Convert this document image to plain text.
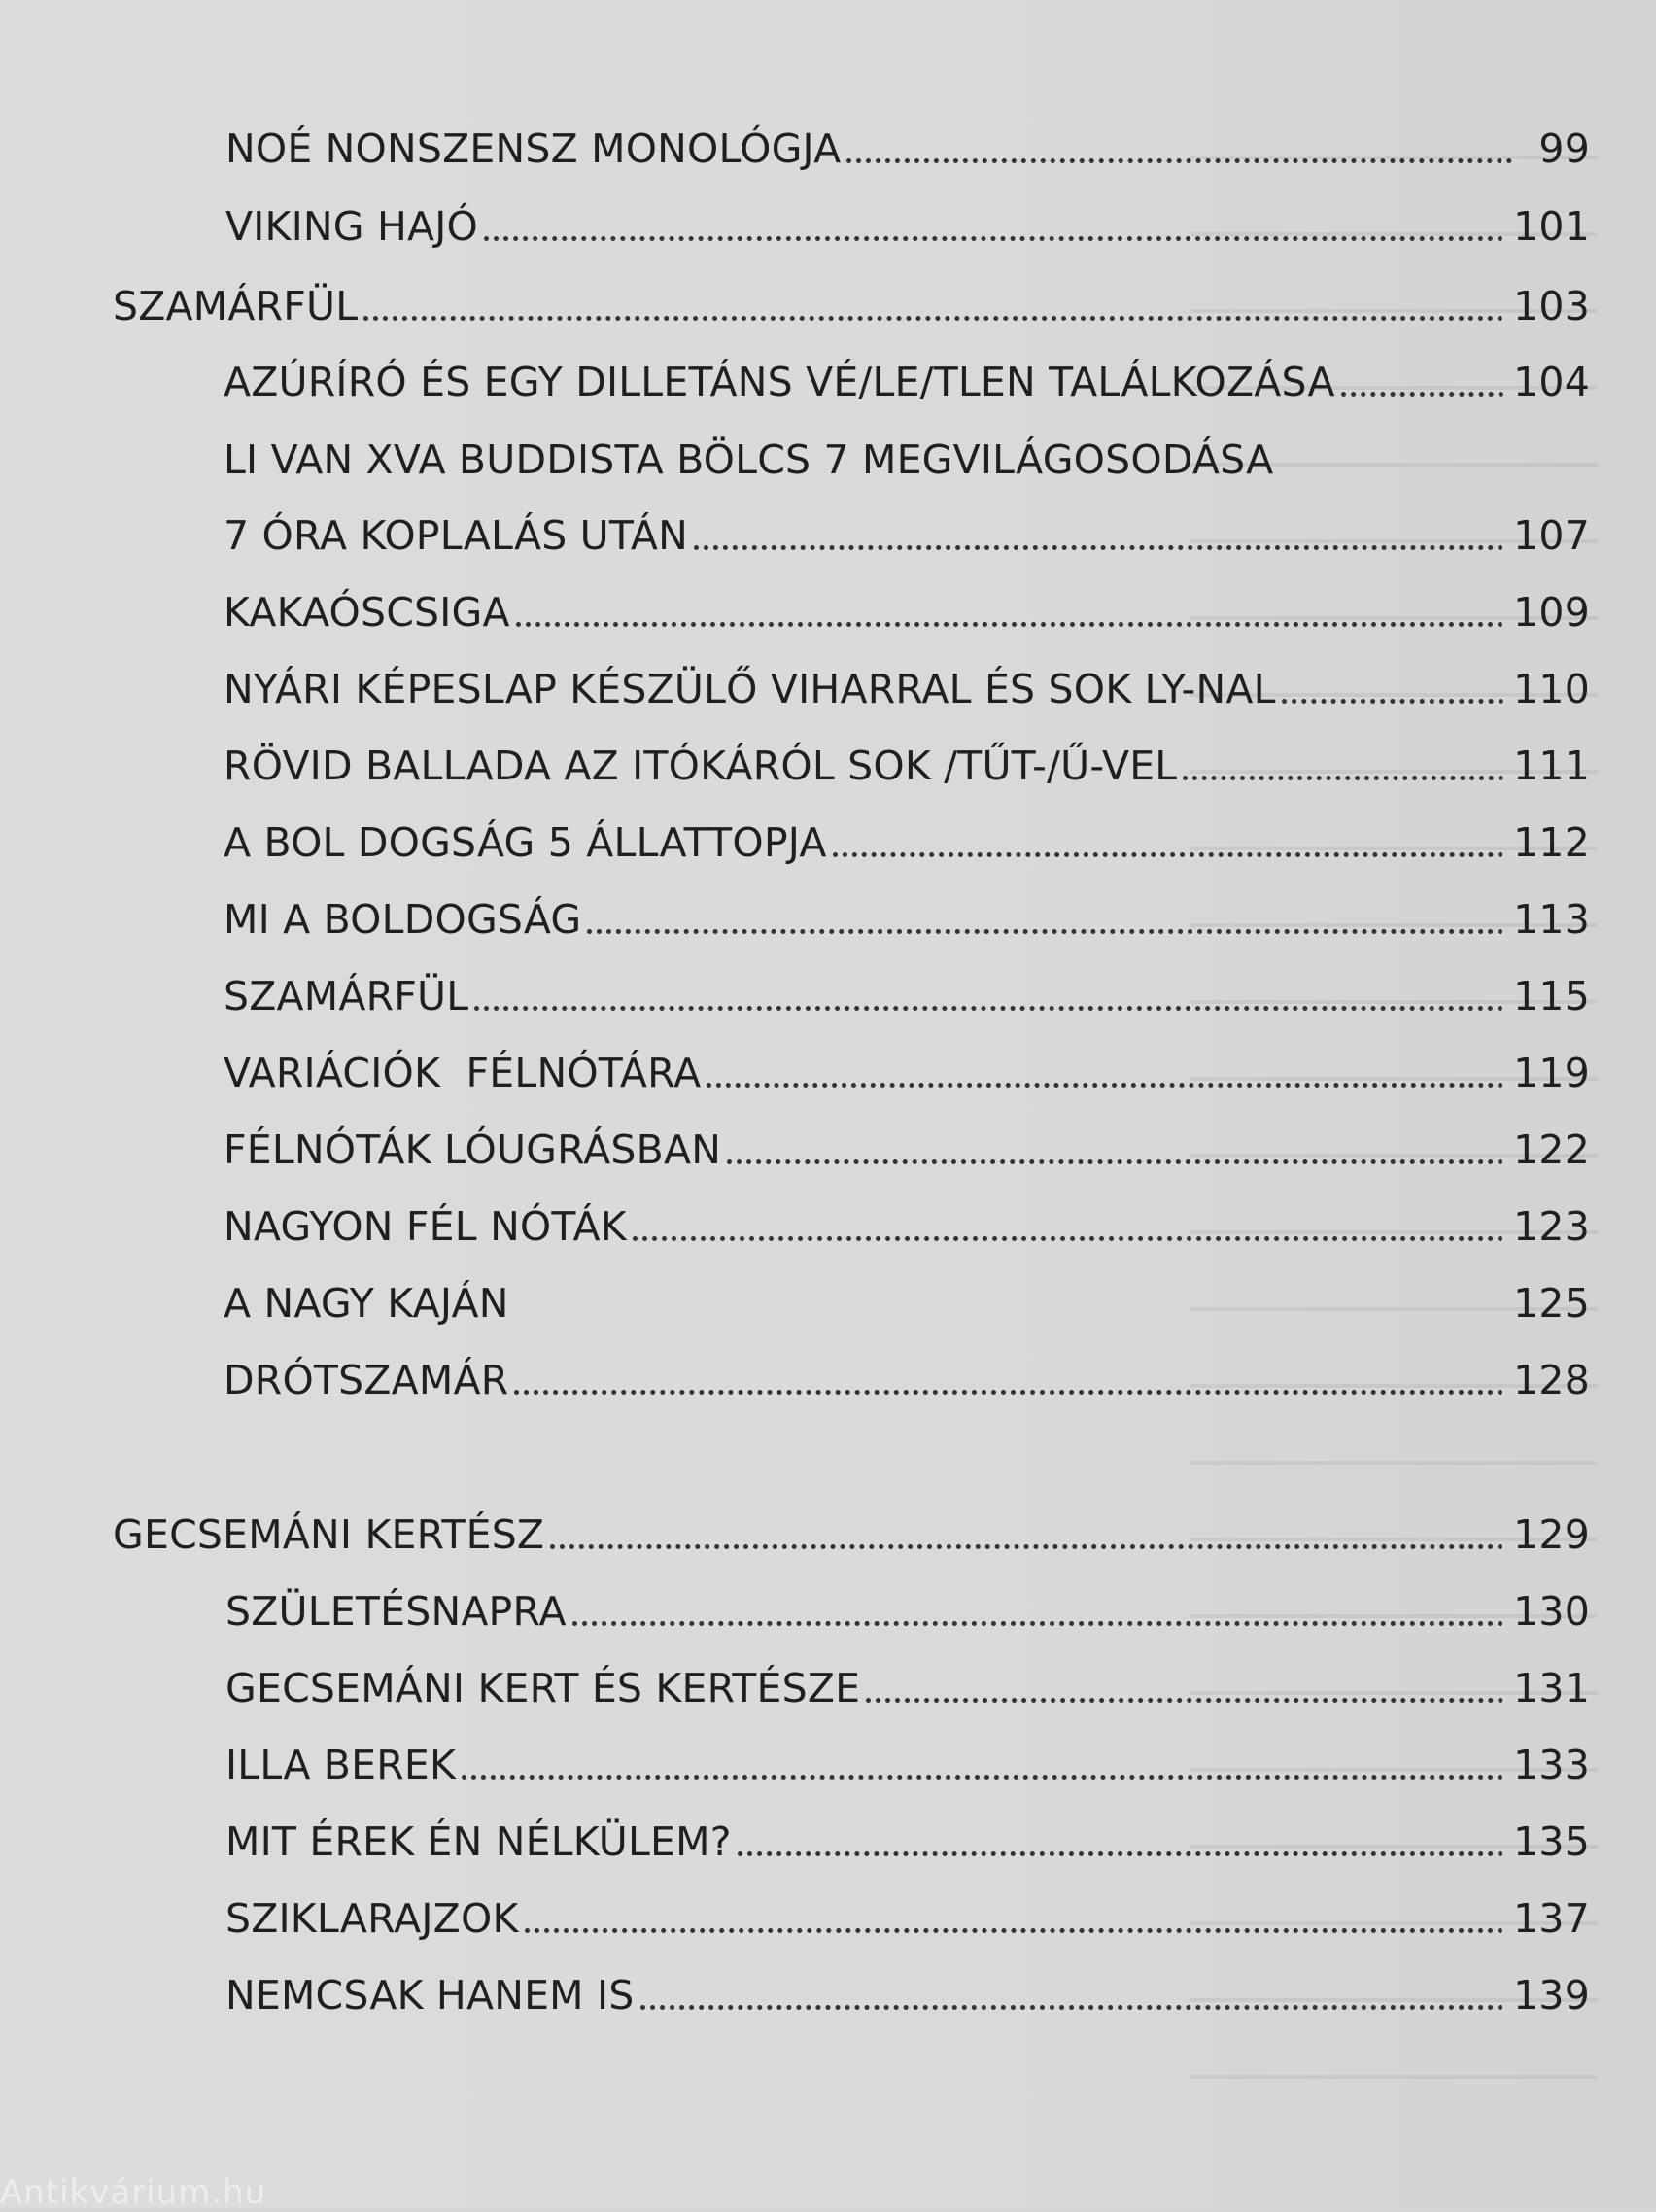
NOÉ NONSZENSZ MONOLÓGJA	99
VIKING HAJÓ	101
SZAMÁRFÜL	103
AZÚRÍRÓ ÉS EGY DILLETÁNS VÉ/LE/TLEN TALÁLKOZÁSA	104
LI VAN XVA BUDDISTA BÖLCS 7 MEGVILÁGOSODÁSA
7 ÓRA KOPLALÁS UTÁN	107
KAKAÓSCSIGA	109
NYÁRI KÉPESLAP KÉSZÜLŐ VIHARRAL ÉS SOK LY-NAL	110
RÖVID BALLADA AZ ITÓKÁRÓL SOK /TŰT-/Ű-VEL	111
A BOL DOGSÁG 5 ÁLLATTOPJA	112
MI A BOLDOGSÁG	113
SZAMÁRFÜL	115
VARIÁCIÓK  FÉLNÓTÁRA	119
FÉLNÓTÁK LÓUGRÁSBAN	122
NAGYON FÉL NÓTÁK	123
A NAGY KAJÁN	125
DRÓTSZAMÁR	128
GECSEMÁNI KERTÉSZ	129
SZÜLETÉSNAPRA	130
GECSEMÁNI KERT ÉS KERTÉSZE	131
ILLA BEREK	133
MIT ÉREK ÉN NÉLKÜLEM?	135
SZIKLARAJZOK	137
NEMCSAK HANEM IS	139
Antikvárium.hu
